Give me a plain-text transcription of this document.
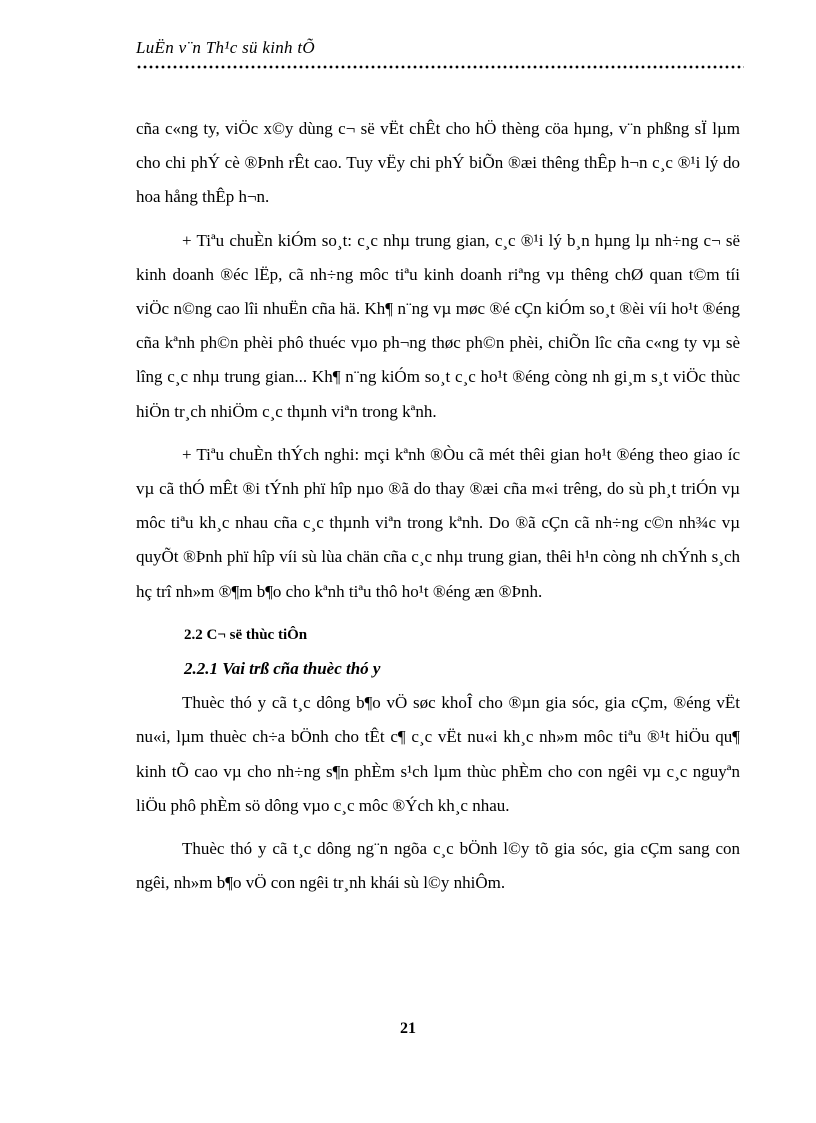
LuËn v¨n Th¹c sü kinh tÕ

cña c«ng ty, viÖc x©y dùng c¬ së vËt chÊt cho hÖ thèng cöa hµng, v¨n phßng sÏ lµm cho chi phÝ cè ®Þnh rÊt cao. Tuy vËy chi phÝ biÕn ®æi thêng thÊp h¬n c¸c ®¹i lý do hoa hång thÊp h¬n.

+ Tiªu chuÈn kiÓm so¸t: c¸c nhµ trung gian, c¸c ®¹i lý b¸n hµng lµ nh÷ng c¬ së kinh doanh ®éc lËp, cã nh÷ng môc tiªu kinh doanh riªng vµ thêng chØ quan t©m tíi viÖc n©ng cao lîi nhuËn cña hä. Kh¶ n¨ng vµ møc ®é cÇn kiÓm so¸t ®èi víi ho¹t ®éng cña kªnh ph©n phèi phô thuéc vµo ph¬ng thøc ph©n phèi, chiÕn lîc cña c«ng ty vµ sè lîng c¸c nhµ trung gian... Kh¶ n¨ng kiÓm so¸t c¸c ho¹t ®éng còng nh gi¸m s¸t viÖc thùc hiÖn tr¸ch nhiÖm c¸c thµnh viªn trong kªnh.

+ Tiªu chuÈn thÝch nghi: mçi kªnh ®Òu cã mét thêi gian ho¹t ®éng theo giao íc vµ cã thÓ mÊt ®i tÝnh phï hîp nµo ®ã do thay ®æi cña m«i trêng, do sù ph¸t triÓn vµ môc tiªu kh¸c nhau cña c¸c thµnh viªn trong kªnh. Do ®ã cÇn cã nh÷ng c©n nh¾c vµ quyÕt ®Þnh phï hîp víi sù lùa chän cña c¸c nhµ trung gian, thêi h¹n còng nh chÝnh s¸ch hç trî nh»m ®¶m b¶o cho kªnh tiªu thô ho¹t ®éng æn ®Þnh.

2.2 C¬ së thùc tiÔn

2.2.1 Vai trß cña thuèc thó y

Thuèc thó y cã t¸c dông b¶o vÖ søc khoÎ cho ®µn gia sóc, gia cÇm, ®éng vËt nu«i, lµm thuèc ch÷a bÖnh cho tÊt c¶ c¸c vËt nu«i kh¸c nh»m môc tiªu ®¹t hiÖu qu¶ kinh tÕ cao vµ cho nh÷ng s¶n phÈm s¹ch lµm thùc phÈm cho con ngêi vµ c¸c nguyªn liÖu phô phÈm sö dông vµo c¸c môc ®Ých kh¸c nhau.

Thuèc thó y cã t¸c dông ng¨n ngõa c¸c bÖnh l©y tõ gia sóc, gia cÇm sang con ngêi, nh»m b¶o vÖ con ngêi tr¸nh khái sù l©y nhiÔm.

21
